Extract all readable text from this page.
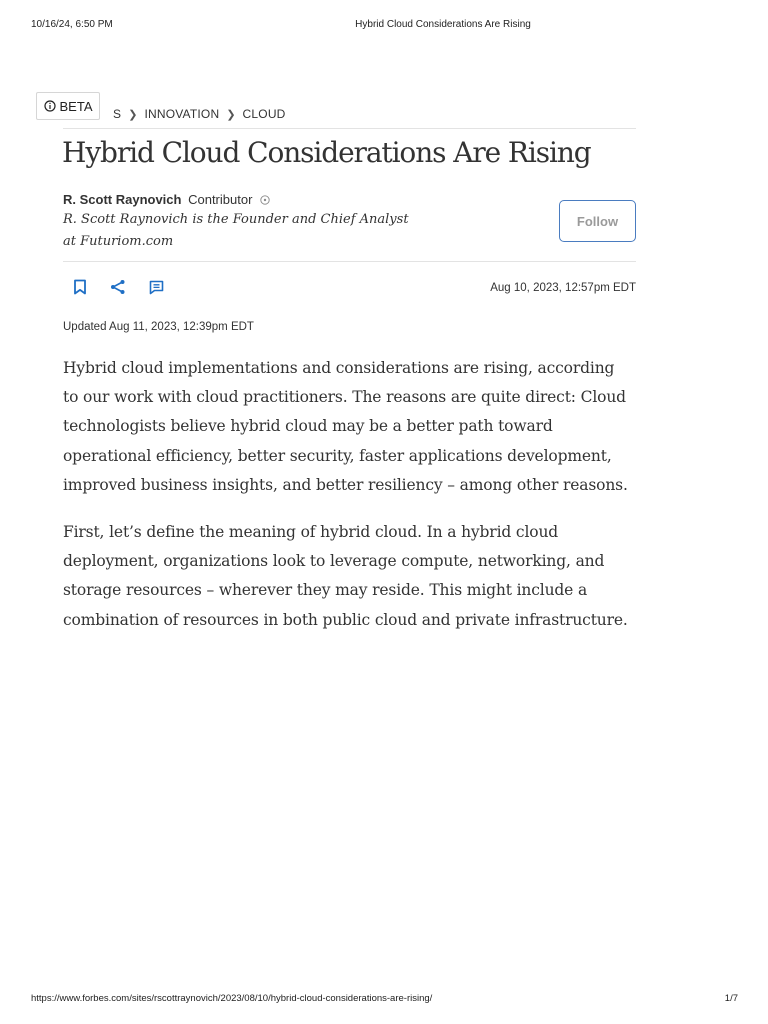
10/16/24, 6:50 PM	Hybrid Cloud Considerations Are Rising
BETA
S ❯ INNOVATION ❯ CLOUD
Hybrid Cloud Considerations Are Rising
R. Scott Raynovich Contributor
R. Scott Raynovich is the Founder and Chief Analyst at Futuriom.com
Follow
Aug 10, 2023, 12:57pm EDT
Updated Aug 11, 2023, 12:39pm EDT

Hybrid cloud implementations and considerations are rising, according to our work with cloud practitioners. The reasons are quite direct: Cloud technologists believe hybrid cloud may be a better path toward operational efficiency, better security, faster applications development, improved business insights, and better resiliency – among other reasons.

First, let’s define the meaning of hybrid cloud. In a hybrid cloud deployment, organizations look to leverage compute, networking, and storage resources – wherever they may reside. This might include a combination of resources in both public cloud and private infrastructure.

https://www.forbes.com/sites/rscottraynovich/2023/08/10/hybrid-cloud-considerations-are-rising/	1/7
